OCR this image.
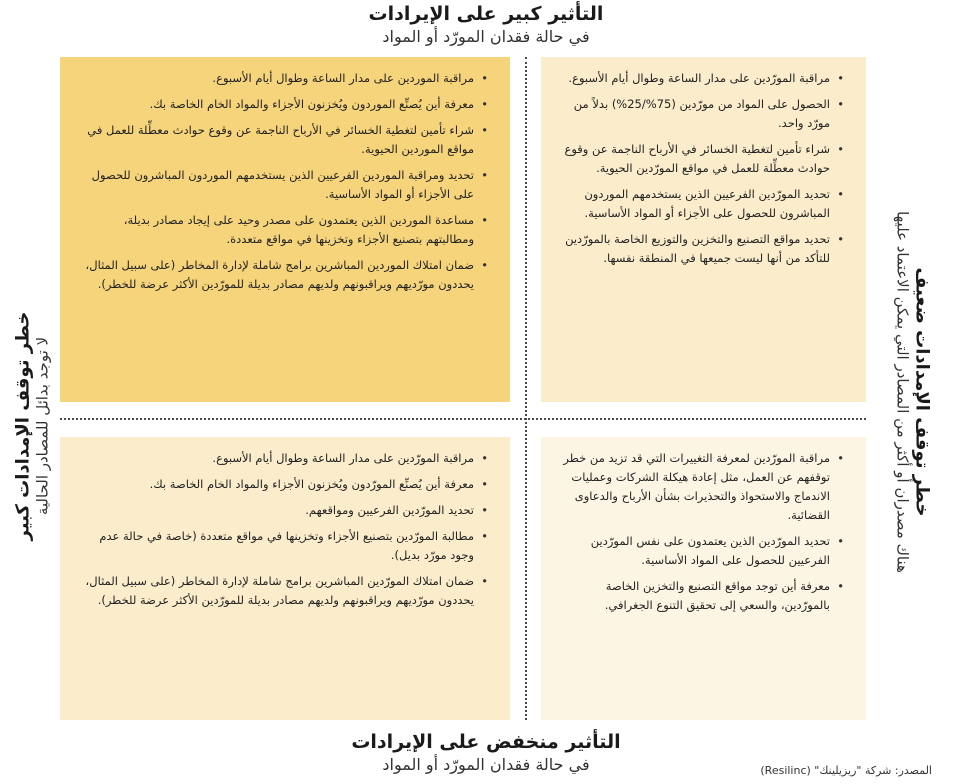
التأثير كبير على الإيرادات
في حالة فقدان المورّد أو المواد
خطر توقف الإمدادات ضعيف
هناك مصدران أو أكثر من المصادر التي يمكن الاعتماد عليها
خطر توقف الإمدادات كبير لا توجد بدائل للمصادر الحالية
• مراقبة الموردين على مدار الساعة وطوال أيام الأسبوع.
• معرفة أين يُصنِّع الموردون ويُخزنون الأجزاء والمواد الخام الخاصة بك.
• شراء تأمين لتغطية الخسائر في الأرباح الناجمة عن وقوع حوادث معطِّلة للعمل في مواقع الموردين الحيوية.
• تحديد ومراقبة الموردين الفرعيين الذين يستخدمهم الموردون المباشرون للحصول على الأجزاء أو المواد الأساسية.
• مساعدة الموردين الذين يعتمدون على مصدر وحيد على إيجاد مصادر بديلة، ومطالبتهم بتصنيع الأجزاء وتخزينها في مواقع متعددة.
• ضمان امتلاك الموردين المباشرين برامج شاملة لإدارة المخاطر (على سبيل المثال، يحددون مورّديهم ويراقبونهم ولديهم مصادر بديلة للمورّدين الأكثر عرضة للخطر).
• مراقبة المورّدين على مدار الساعة وطوال أيام الأسبوع.
• الحصول على المواد من مورّدين (75%/25%) بدلاً من مورّد واحد.
• شراء تأمين لتغطية الخسائر في الأرباح الناجمة عن وقوع حوادث معطِّلة للعمل في مواقع المورّدين الحيوية.
• تحديد المورّدين الفرعيين الذين يستخدمهم الموردون المباشرون للحصول على الأجزاء أو المواد الأساسية.
• تحديد مواقع التصنيع والتخزين والتوزيع الخاصة بالمورّدين للتأكد من أنها ليست جميعها في المنطقة نفسها.
• مراقبة المورّدين على مدار الساعة وطوال أيام الأسبوع.
• معرفة أين يُصنِّع المورّدون ويُخزنون الأجزاء والمواد الخام الخاصة بك.
• تحديد المورّدين الفرعيين ومواقعهم.
• مطالبة المورّدين بتصنيع الأجزاء وتخزينها في مواقع متعددة (خاصة في حالة عدم وجود مورّد بديل).
• ضمان امتلاك المورّدين المباشرين برامج شاملة لإدارة المخاطر (على سبيل المثال، يحددون مورّديهم ويراقبونهم ولديهم مصادر بديلة للمورّدين الأكثر عرضة للخطر).
• مراقبة المورّدين لمعرفة التغييرات التي قد تزيد من خطر توقفهم عن العمل، مثل إعادة هيكلة الشركات وعمليات الاندماج والاستحواذ والتحذيرات بشأن الأرباح والدعاوى القضائية.
• تحديد المورّدين الذين يعتمدون على نفس المورّدين الفرعيين للحصول على المواد الأساسية.
• معرفة أين توجد مواقع التصنيع والتخزين الخاصة بالمورّدين، والسعي إلى تحقيق التنوع الجغرافي.
التأثير منخفض على الإيرادات
في حالة فقدان المورّد أو المواد	المصدر: شركة "ريزيلينك" (Resilinc)
